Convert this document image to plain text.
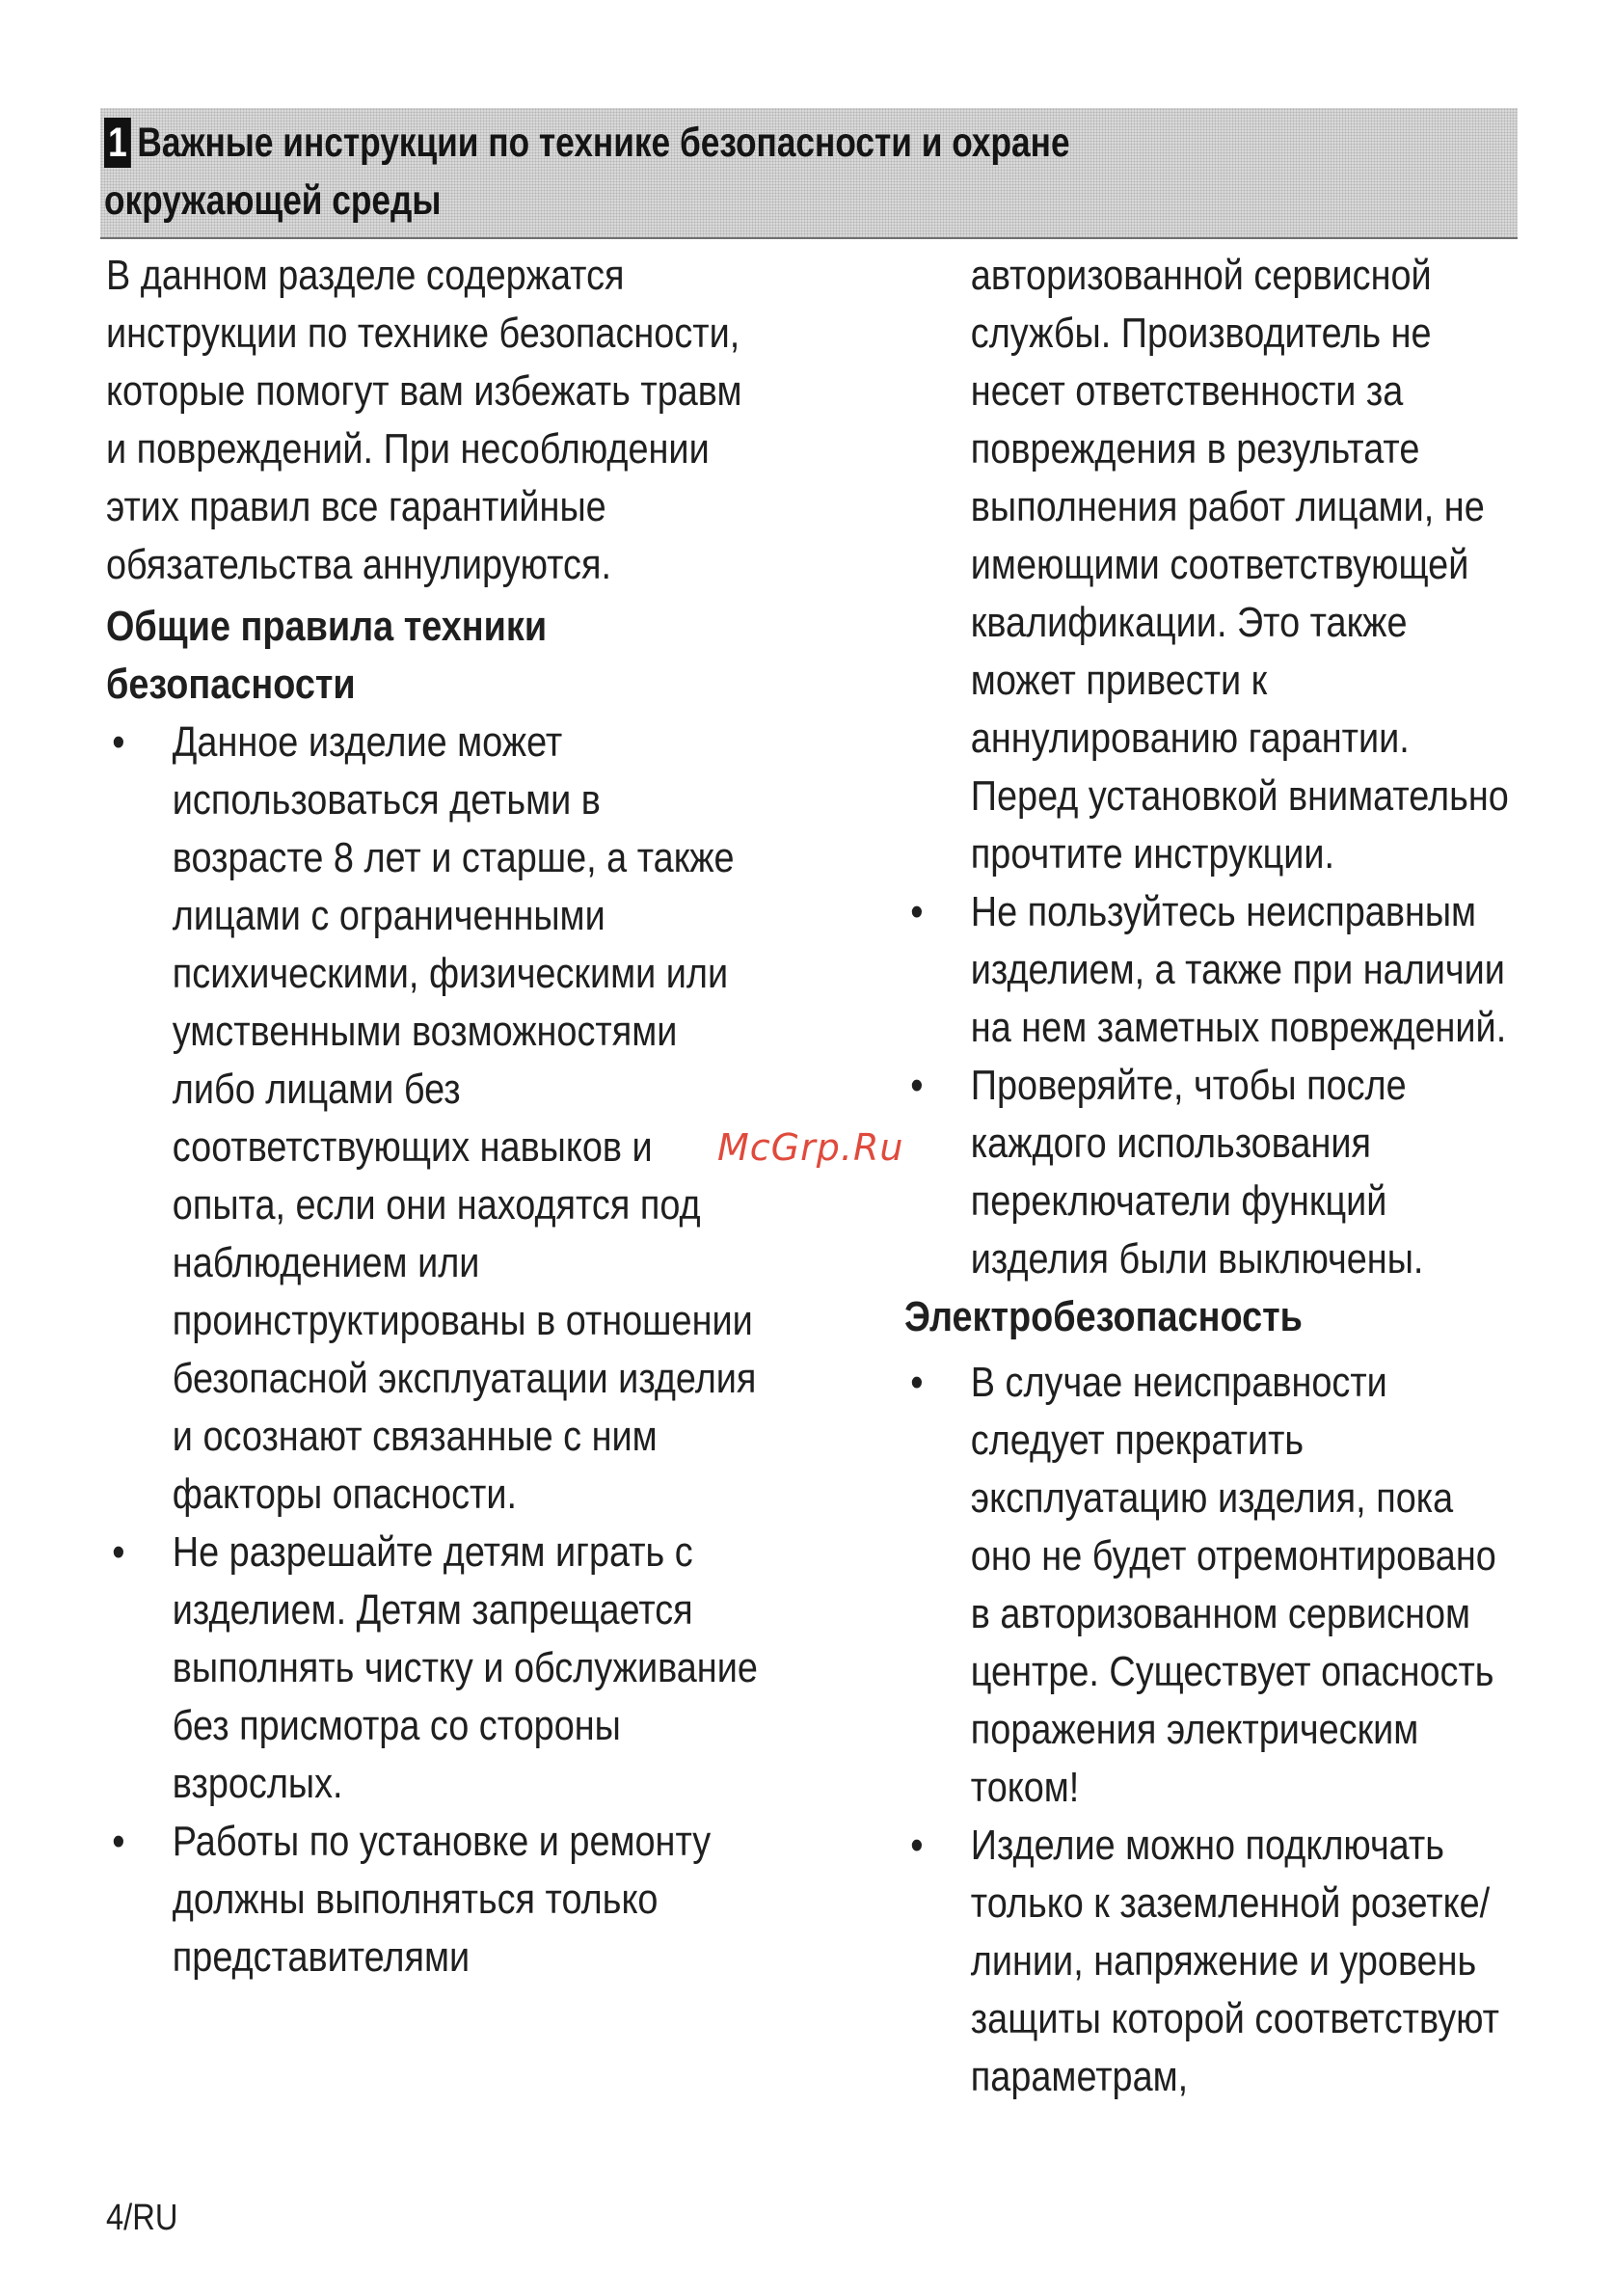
1 Важные инструкции по технике безопасности и охране окружающей среды

В данном разделе содержатся инструкции по технике безопасности, которые помогут вам избежать травм и повреждений. При несоблюдении этих правил все гарантийные обязательства аннулируются.

Общие правила техники безопасности

• Данное изделие может использоваться детьми в возрасте 8 лет и старше, а также лицами с ограниченными психическими, физическими или умственными возможностями либо лицами без соответствующих навыков и опыта, если они находятся под наблюдением или проинструктированы в отношении безопасной эксплуатации изделия и осознают связанные с ним факторы опасности.
• Не разрешайте детям играть с изделием. Детям запрещается выполнять чистку и обслуживание без присмотра со стороны взрослых.
• Работы по установке и ремонту должны выполняться только представителями
авторизованной сервисной службы. Производитель не несет ответственности за повреждения в результате выполнения работ лицами, не имеющими соответствующей квалификации. Это также может привести к аннулированию гарантии. Перед установкой внимательно прочтите инструкции.
• Не пользуйтесь неисправным изделием, а также при наличии на нем заметных повреждений.
• Проверяйте, чтобы после каждого использования переключатели функций изделия были выключены.

Электробезопасность

• В случае неисправности следует прекратить эксплуатацию изделия, пока оно не будет отремонтировано в авторизованном сервисном центре. Существует опасность поражения электрическим током!
• Изделие можно подключать только к заземленной розетке/линии, напряжение и уровень защиты которой соответствуют параметрам,
McGrp.Ru
4/RU
